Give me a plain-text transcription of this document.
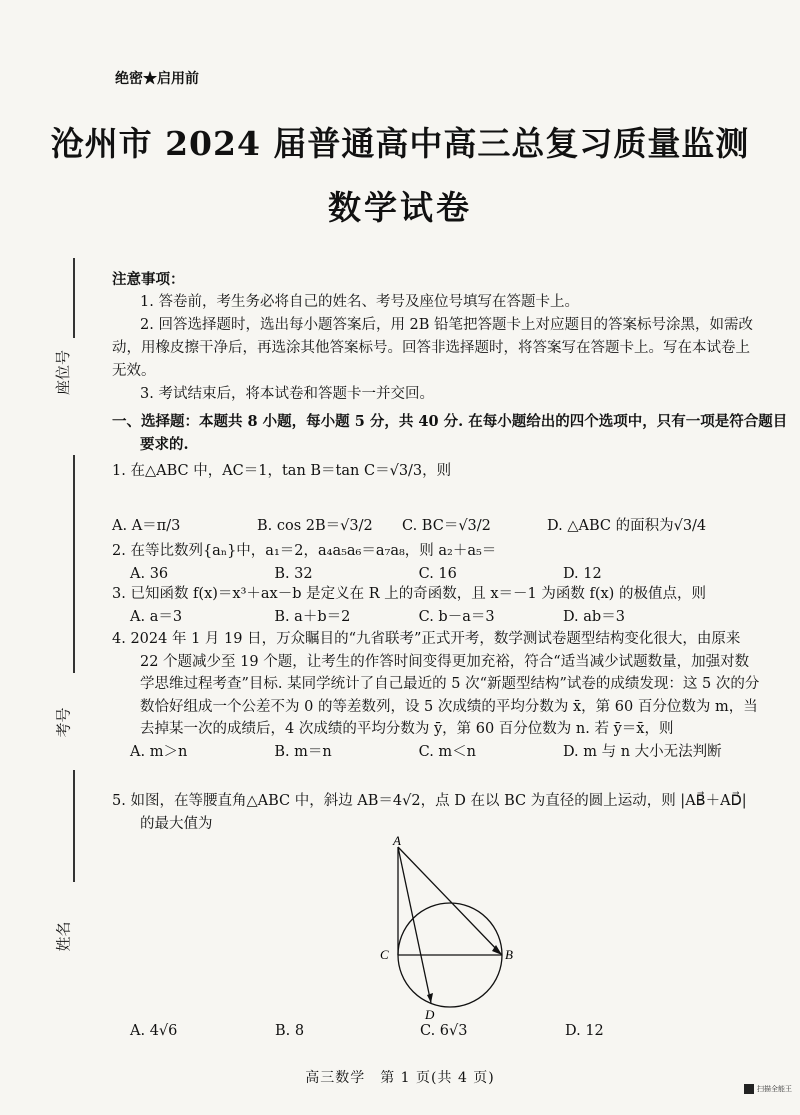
绝密★启用前
沧州市 2024 届普通高中高三总复习质量监测
数学试卷
座位号
考号
姓名
注意事项：
1. 答卷前，考生务必将自己的姓名、考号及座位号填写在答题卡上。
2. 回答选择题时，选出每小题答案后，用 2B 铅笔把答题卡上对应题目的答案标号涂黑，如需改动，用橡皮擦干净后，再选涂其他答案标号。回答非选择题时，将答案写在答题卡上。写在本试卷上无效。
3. 考试结束后，将本试卷和答题卡一并交回。
一、选择题：本题共 8 小题，每小题 5 分，共 40 分. 在每小题给出的四个选项中，只有一项是符合题目要求的.

1. 在△ABC 中，AC＝1，tan B＝tan C＝√3/3，则

A. A＝π/3	B. cos 2B＝√3/2	C. BC＝√3/2	D. △ABC 的面积为√3/4

2. 在等比数列{aₙ}中，a₁＝2，a₄a₅a₆＝a₇a₈，则 a₂＋a₅＝

A. 36	B. 32	C. 16	D. 12

3. 已知函数 f(x)＝x³＋ax－b 是定义在 R 上的奇函数，且 x＝－1 为函数 f(x) 的极值点，则

A. a＝3	B. a＋b＝2	C. b－a＝3	D. ab＝3

4. 2024 年 1 月 19 日，万众瞩目的“九省联考”正式开考，数学测试卷题型结构变化很大，由原来 22 个题减少至 19 个题，让考生的作答时间变得更加充裕，符合“适当减少试题数量，加强对数学思维过程考查”目标. 某同学统计了自己最近的 5 次“新题型结构”试卷的成绩发现：这 5 次的分数恰好组成一个公差不为 0 的等差数列，设 5 次成绩的平均分数为 x̄，第 60 百分位数为 m，当去掉某一次的成绩后，4 次成绩的平均分数为 ȳ，第 60 百分位数为 n. 若 ȳ＝x̄，则

A. m＞n	B. m＝n	C. m＜n	D. m 与 n 大小无法判断

5. 如图，在等腰直角△ABC 中，斜边 AB＝4√2，点 D 在以 BC 为直径的圆上运动，则 |AB⃗＋AD⃗| 的最大值为

A
C	B
D
A. 4√6	B. 8	C. 6√3	D. 12
高三数学　第 1 页(共 4 页)
扫描全能王
